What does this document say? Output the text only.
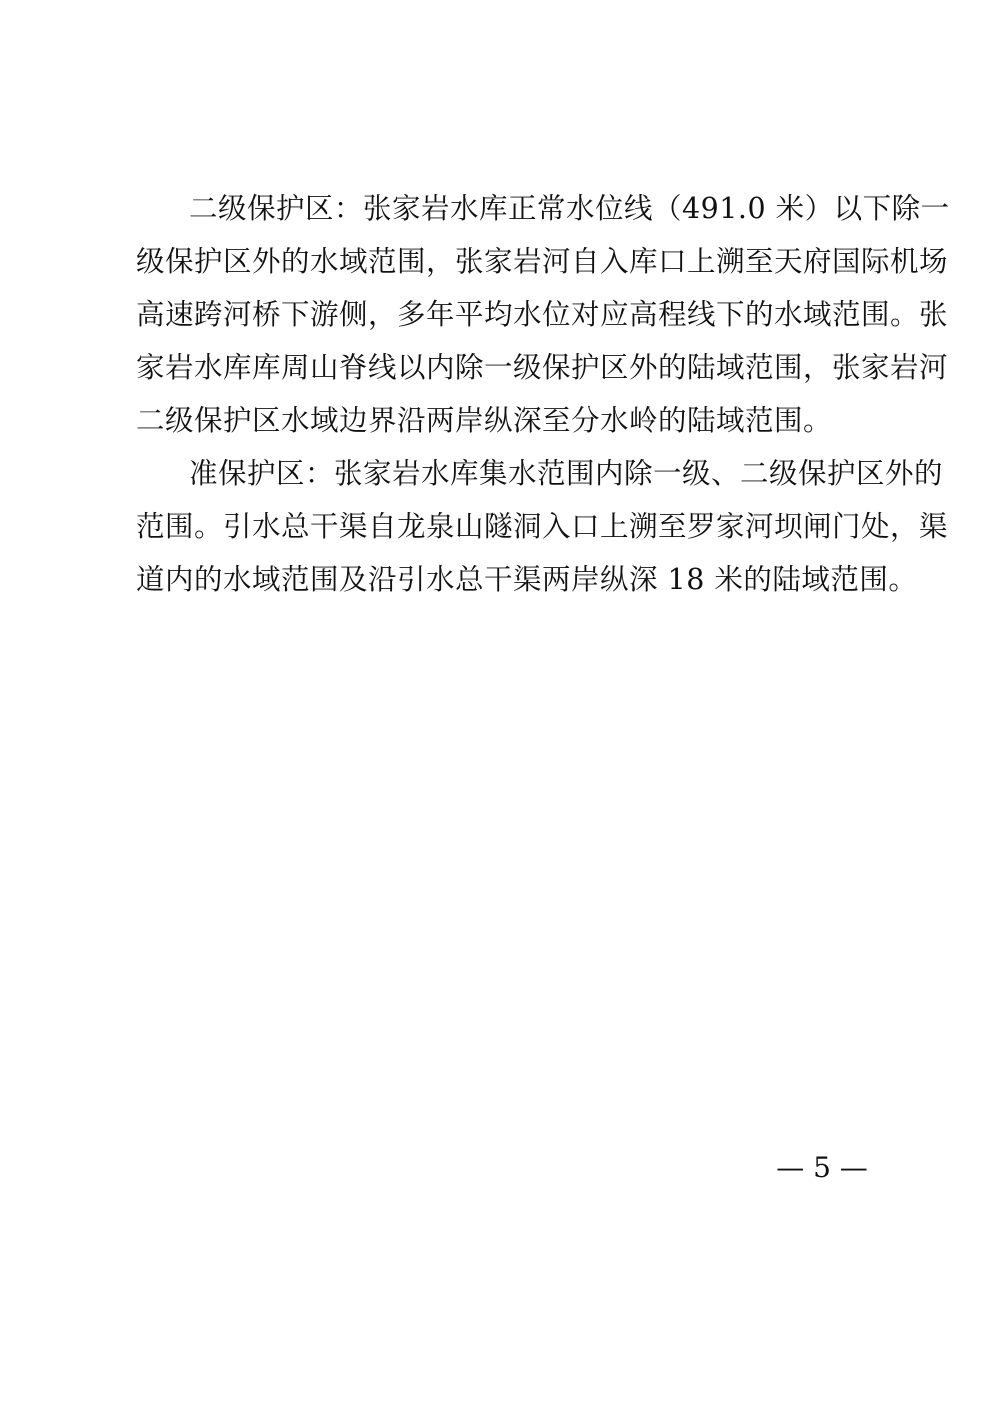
二级保护区：张家岩水库正常水位线（491.0 米）以下除一
级保护区外的水域范围，张家岩河自入库口上溯至天府国际机场
高速跨河桥下游侧，多年平均水位对应高程线下的水域范围。张
家岩水库库周山脊线以内除一级保护区外的陆域范围，张家岩河
二级保护区水域边界沿两岸纵深至分水岭的陆域范围。

准保护区：张家岩水库集水范围内除一级、二级保护区外的
范围。引水总干渠自龙泉山隧洞入口上溯至罗家河坝闸门处，渠
道内的水域范围及沿引水总干渠两岸纵深 18 米的陆域范围。

— 5 —
